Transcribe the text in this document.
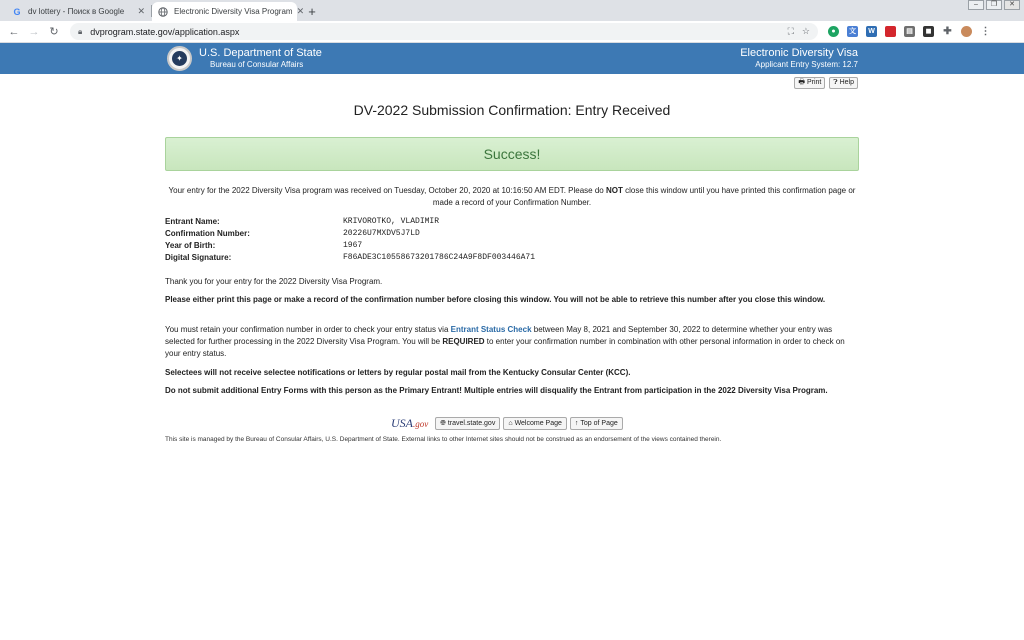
G dv lottery - Поиск в Google	✕	Electronic Diversity Visa Program ✕ +	–	❐	✕
← → ↻	🔒︎ dvprogram.state.gov/application.aspx	⛶ ☆	●	文	W	▤	◼ ✚	⋮
✦	U.S. Department of State
Bureau of Consular Affairs
Electronic Diversity Visa
Applicant Entry System: 12.7
🖶︎ Print ❓︎ Help
DV-2022 Submission Confirmation: Entry Received
Success!
Your entry for the 2022 Diversity Visa program was received on Tuesday, October 20, 2020 at 10:16:50 AM EDT. Please do NOT close this window until you have printed this confirmation page or made a record of your Confirmation Number.
Entrant Name:	KRIVOROTKO, VLADIMIR
Confirmation Number:	20226U7MXDV5J7LD
Year of Birth:	1967
Digital Signature:	F86ADE3C10558673201786C24A9F8DF003446A71
Thank you for your entry for the 2022 Diversity Visa Program.
Please either print this page or make a record of the confirmation number before closing this window. You will not be able to retrieve this number after you close this window.
You must retain your confirmation number in order to check your entry status via Entrant Status Check between May 8, 2021 and September 30, 2022 to determine whether your entry was selected for further processing in the 2022 Diversity Visa Program. You will be REQUIRED to enter your confirmation number in combination with other personal information in order to check on your entry status.
Selectees will not receive selectee notifications or letters by regular postal mail from the Kentucky Consular Center (KCC).
Do not submit additional Entry Forms with this person as the Primary Entrant! Multiple entries will disqualify the Entrant from participation in the 2022 Diversity Visa Program.
USA.gov 🌐︎ travel.state.gov ⌂ Welcome Page ↑ Top of Page
This site is managed by the Bureau of Consular Affairs, U.S. Department of State. External links to other Internet sites should not be construed as an endorsement of the views contained therein.
